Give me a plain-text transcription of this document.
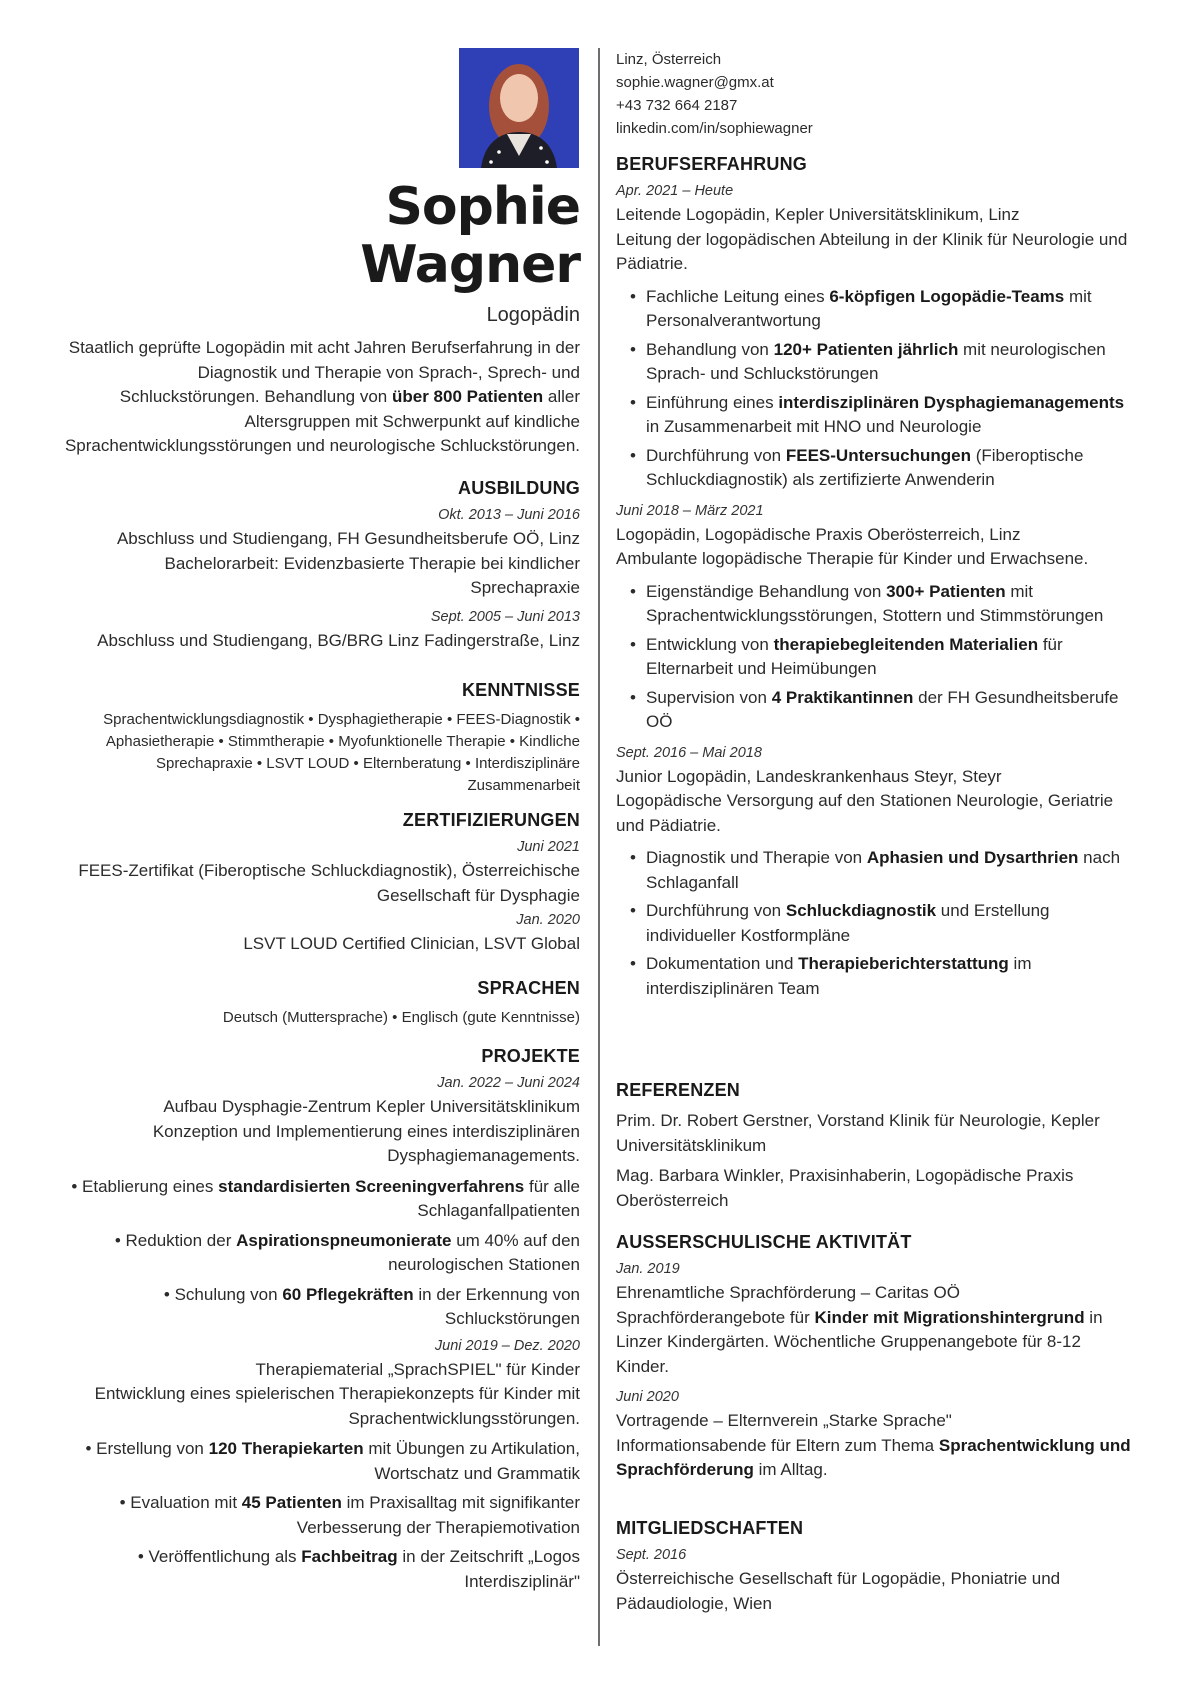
Sophie
Wagner
Logopädin

Staatlich geprüfte Logopädin mit acht Jahren Berufserfahrung in der Diagnostik und Therapie von Sprach-, Sprech- und Schluckstörungen. Behandlung von über 800 Patienten aller Altersgruppen mit Schwerpunkt auf kindliche Sprachentwicklungsstörungen und neurologische Schluckstörungen.

AUSBILDUNG
Okt. 2013 – Juni 2016

Abschluss und Studiengang, FH Gesundheitsberufe OÖ, Linz

Bachelorarbeit: Evidenzbasierte Therapie bei kindlicher Sprechapraxie

Sept. 2005 – Juni 2013

Abschluss und Studiengang, BG/BRG Linz Fadingerstraße, Linz

KENNTNISSE

Sprachentwicklungsdiagnostik • Dysphagietherapie • FEES-Diagnostik • Aphasietherapie • Stimmtherapie • Myofunktionelle Therapie • Kindliche Sprechapraxie • LSVT LOUD • Elternberatung • Interdisziplinäre Zusammenarbeit

ZERTIFIZIERUNGEN
Juni 2021

FEES-Zertifikat (Fiberoptische Schluckdiagnostik), Österreichische Gesellschaft für Dysphagie

Jan. 2020

LSVT LOUD Certified Clinician, LSVT Global

SPRACHEN

Deutsch (Muttersprache) • Englisch (gute Kenntnisse)

PROJEKTE
Jan. 2022 – Juni 2024

Aufbau Dysphagie-Zentrum Kepler Universitätsklinikum

Konzeption und Implementierung eines interdisziplinären Dysphagiemanagements.

• Etablierung eines standardisierten Screeningverfahrens für alle Schlaganfallpatienten
• Reduktion der Aspirationspneumonierate um 40% auf den neurologischen Stationen
• Schulung von 60 Pflegekräften in der Erkennung von Schluckstörungen
Juni 2019 – Dez. 2020

Therapiematerial „SprachSPIEL" für Kinder

Entwicklung eines spielerischen Therapiekonzepts für Kinder mit Sprachentwicklungsstörungen.

• Erstellung von 120 Therapiekarten mit Übungen zu Artikulation, Wortschatz und Grammatik
• Evaluation mit 45 Patienten im Praxisalltag mit signifikanter Verbesserung der Therapiemotivation
• Veröffentlichung als Fachbeitrag in der Zeitschrift „Logos Interdisziplinär"

Linz, Österreich

sophie.wagner@gmx.at

+43 732 664 2187

linkedin.com/in/sophiewagner

BERUFSERFAHRUNG
Apr. 2021 – Heute

Leitende Logopädin, Kepler Universitätsklinikum, Linz

Leitung der logopädischen Abteilung in der Klinik für Neurologie und Pädiatrie.

• Fachliche Leitung eines 6-köpfigen Logopädie-Teams mit Personalverantwortung
• Behandlung von 120+ Patienten jährlich mit neurologischen Sprach- und Schluckstörungen
• Einführung eines interdisziplinären Dysphagiemanagements in Zusammenarbeit mit HNO und Neurologie
• Durchführung von FEES-Untersuchungen (Fiberoptische Schluckdiagnostik) als zertifizierte Anwenderin
Juni 2018 – März 2021

Logopädin, Logopädische Praxis Oberösterreich, Linz

Ambulante logopädische Therapie für Kinder und Erwachsene.

• Eigenständige Behandlung von 300+ Patienten mit Sprachentwicklungsstörungen, Stottern und Stimmstörungen
• Entwicklung von therapiebegleitenden Materialien für Elternarbeit und Heimübungen
• Supervision von 4 Praktikantinnen der FH Gesundheitsberufe OÖ
Sept. 2016 – Mai 2018

Junior Logopädin, Landeskrankenhaus Steyr, Steyr

Logopädische Versorgung auf den Stationen Neurologie, Geriatrie und Pädiatrie.

• Diagnostik und Therapie von Aphasien und Dysarthrien nach Schlaganfall
• Durchführung von Schluckdiagnostik und Erstellung individueller Kostformpläne
• Dokumentation und Therapieberichterstattung im interdisziplinären Team
REFERENZEN

Prim. Dr. Robert Gerstner, Vorstand Klinik für Neurologie, Kepler Universitätsklinikum

Mag. Barbara Winkler, Praxisinhaberin, Logopädische Praxis Oberösterreich

AUSSERSCHULISCHE AKTIVITÄT
Jan. 2019

Ehrenamtliche Sprachförderung – Caritas OÖ

Sprachförderangebote für Kinder mit Migrationshintergrund in Linzer Kindergärten. Wöchentliche Gruppenangebote für 8-12 Kinder.

Juni 2020

Vortragende – Elternverein „Starke Sprache"

Informationsabende für Eltern zum Thema Sprachentwicklung und Sprachförderung im Alltag.

MITGLIEDSCHAFTEN
Sept. 2016

Österreichische Gesellschaft für Logopädie, Phoniatrie und Pädaudiologie, Wien
